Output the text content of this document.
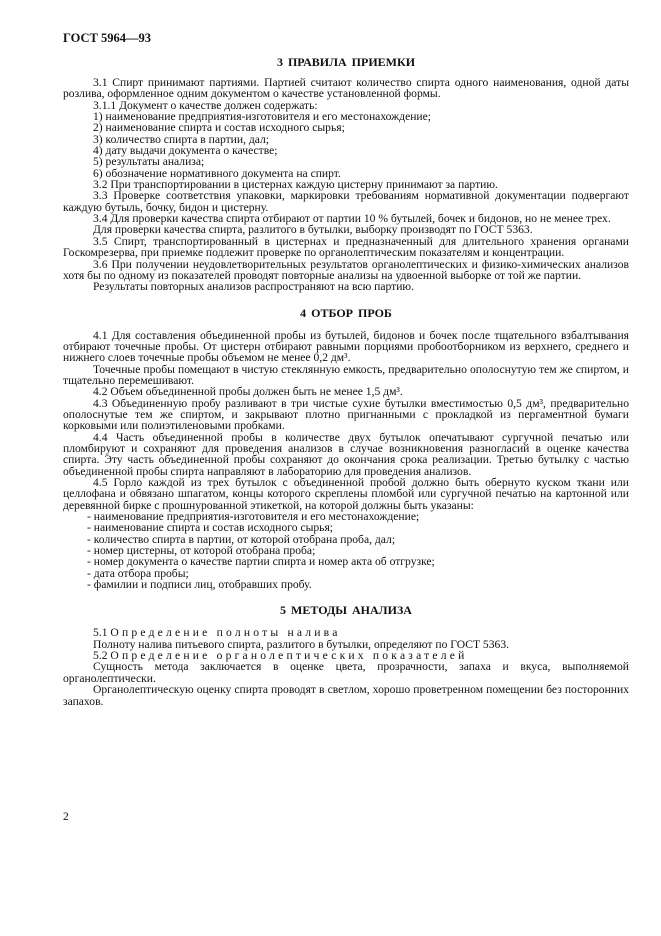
ГОСТ 5964—93
3 ПРАВИЛА ПРИЕМКИ

3.1 Спирт принимают партиями. Партией считают количество спирта одного наименования, одной даты розлива, оформленное одним документом о качестве установленной формы.

3.1.1 Документ о качестве должен содержать:

1) наименование предприятия-изготовителя и его местонахождение;

2) наименование спирта и состав исходного сырья;

3) количество спирта в партии, дал;

4) дату выдачи документа о качестве;

5) результаты анализа;

6) обозначение нормативного документа на спирт.

3.2 При транспортировании в цистернах каждую цистерну принимают за партию.

3.3 Проверке соответствия упаковки, маркировки требованиям нормативной документации подвергают каждую бутыль, бочку, бидон и цистерну.

3.4 Для проверки качества спирта отбирают от партии 10 % бутылей, бочек и бидонов, но не менее трех.

Для проверки качества спирта, разлитого в бутылки, выборку производят по ГОСТ 5363.

3.5 Спирт, транспортированный в цистернах и предназначенный для длительного хранения органами Госкомрезерва, при приемке подлежит проверке по органолептическим показателям и концентрации.

3.6 При получении неудовлетворительных результатов органолептических и физико-химических анализов хотя бы по одному из показателей проводят повторные анализы на удвоенной выборке от той же партии.

Результаты повторных анализов распространяют на всю партию.

4 ОТБОР ПРОБ

4.1 Для составления объединенной пробы из бутылей, бидонов и бочек после тщательного взбалтывания отбирают точечные пробы. От цистерн отбирают равными порциями пробоотборником из верхнего, среднего и нижнего слоев точечные пробы объемом не менее 0,2 дм³.

Точечные пробы помещают в чистую стеклянную емкость, предварительно ополоснутую тем же спиртом, и тщательно перемешивают.

4.2 Объем объединенной пробы должен быть не менее 1,5 дм³.

4.3 Объединенную пробу разливают в три чистые сухие бутылки вместимостью 0,5 дм³, предварительно ополоснутые тем же спиртом, и закрывают плотно пригнанными с прокладкой из пергаментной бумаги корковыми или полиэтиленовыми пробками.

4.4 Часть объединенной пробы в количестве двух бутылок опечатывают сургучной печатью или пломбируют и сохраняют для проведения анализов в случае возникновения разногласий в оценке качества спирта. Эту часть объединенной пробы сохраняют до окончания срока реализации. Третью бутылку с частью объединенной пробы спирта направляют в лабораторию для проведения анализов.

4.5 Горло каждой из трех бутылок с объединенной пробой должно быть обернуто куском ткани или целлофана и обвязано шпагатом, концы которого скреплены пломбой или сургучной печатью на картонной или деревянной бирке с прошнурованной этикеткой, на которой должны быть указаны:

- наименование предприятия-изготовителя и его местонахождение;

- наименование спирта и состав исходного сырья;

- количество спирта в партии, от которой отобрана проба, дал;

- номер цистерны, от которой отобрана проба;

- номер документа о качестве партии спирта и номер акта об отгрузке;

- дата отбора пробы;

- фамилии и подписи лиц, отобравших пробу.

5 МЕТОДЫ АНАЛИЗА

5.1 Определение полноты налива

Полноту налива питьевого спирта, разлитого в бутылки, определяют по ГОСТ 5363.

5.2 Определение органолептических показателей

Сущность метода заключается в оценке цвета, прозрачности, запаха и вкуса, выполняемой органолептически.

Органолептическую оценку спирта проводят в светлом, хорошо проветренном помещении без посторонних запахов.

2
